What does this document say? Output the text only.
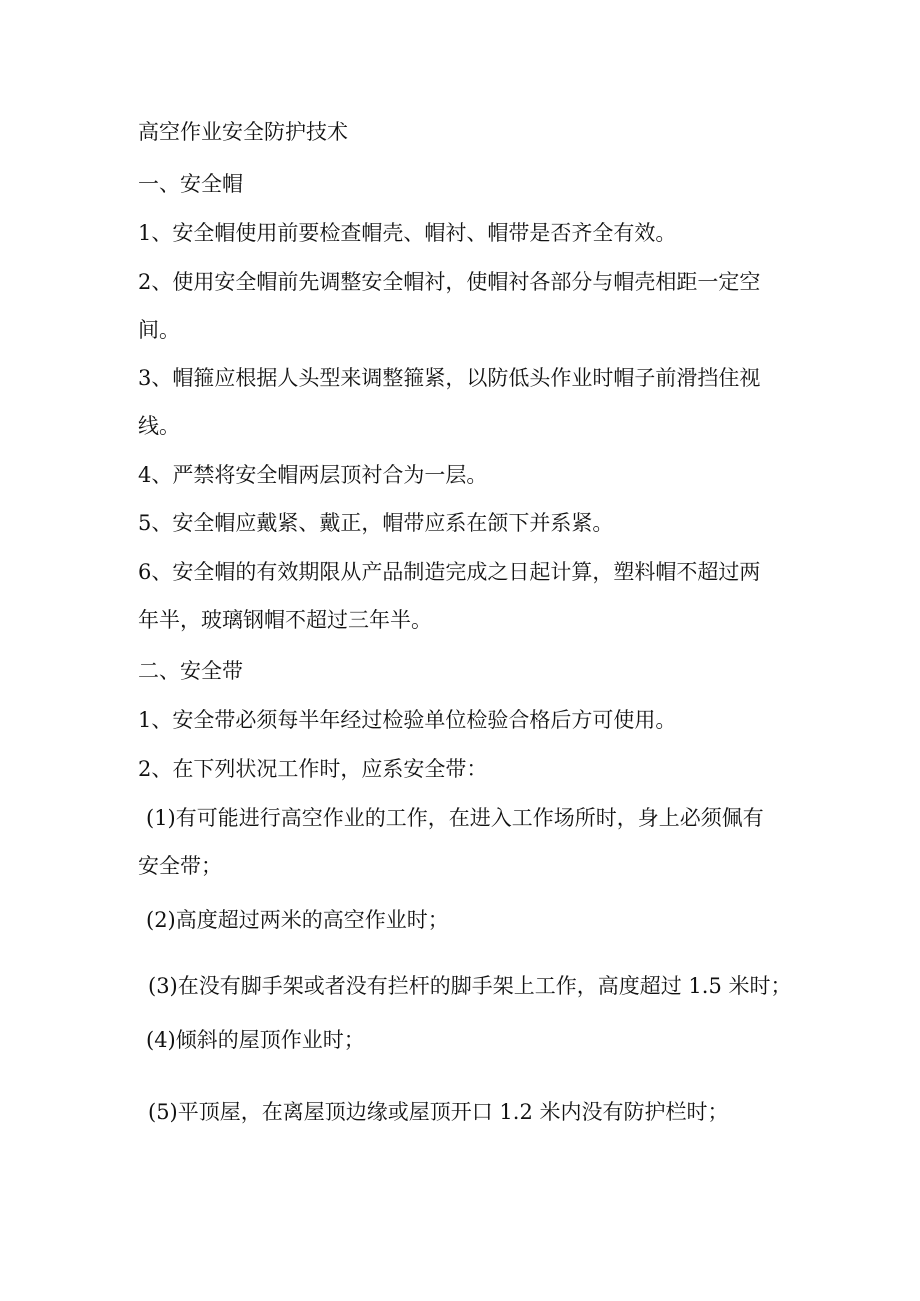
高空作业安全防护技术
一、安全帽
1、安全帽使用前要检查帽壳、帽衬、帽带是否齐全有效。
2、使用安全帽前先调整安全帽衬，使帽衬各部分与帽壳相距一定空
间。
3、帽箍应根据人头型来调整箍紧，以防低头作业时帽子前滑挡住视
线。
4、严禁将安全帽两层顶衬合为一层。
5、安全帽应戴紧、戴正，帽带应系在颌下并系紧。
6、安全帽的有效期限从产品制造完成之日起计算，塑料帽不超过两
年半，玻璃钢帽不超过三年半。
二、安全带
1、安全带必须每半年经过检验单位检验合格后方可使用。
2、在下列状况工作时，应系安全带：
(1)有可能进行高空作业的工作，在进入工作场所时，身上必须佩有
安全带；
(2)高度超过两米的高空作业时；
(3)在没有脚手架或者没有拦杆的脚手架上工作，高度超过 1.5 米时；
(4)倾斜的屋顶作业时；
(5)平顶屋，在离屋顶边缘或屋顶开口 1.2 米内没有防护栏时；
